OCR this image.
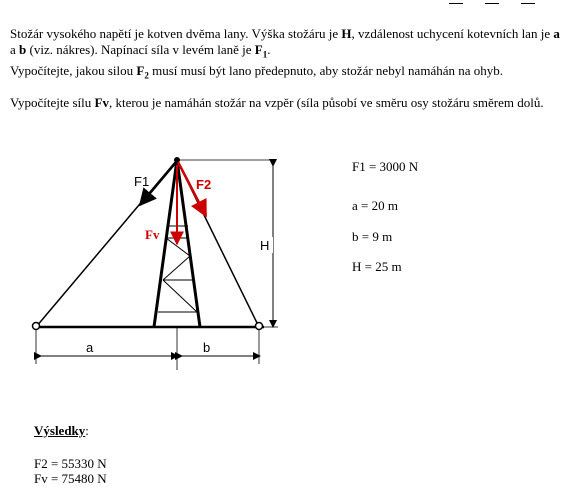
Stožár vysokého napětí je kotven dvěma lany. Výška stožáru je H, vzdálenost uchycení kotevních lan je a a b (viz. nákres). Napínací síla v levém laně je $F_1$.

Vypočítejte, jakou silou $F_2$ musí musí být lano předepnuto, aby stožár nebyl namáhán na ohyb.

Vypočítejte sílu Fv, kterou je namáhán stožár na vzpěr (síla působí ve směru osy stožáru směrem dolů.

F1	F2
Fv
H
a	b
F1 = 3000 N
a = 20 m
b = 9 m
H = 25 m
Výsledky:
F2 = 55330 N
Fv = 75480 N
